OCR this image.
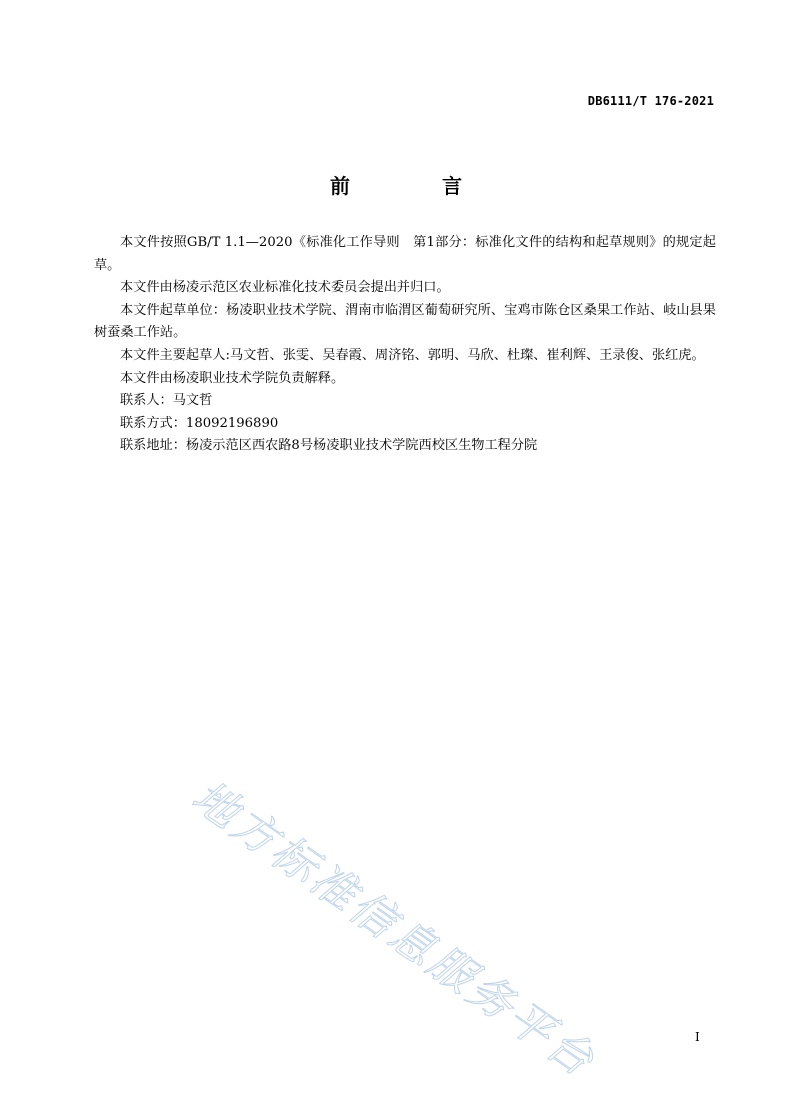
DB6111/T 176-2021
前　言

本文件按照GB/T 1.1—2020《标准化工作导则　第1部分：标准化文件的结构和起草规则》的规定起草。

本文件由杨凌示范区农业标准化技术委员会提出并归口。

本文件起草单位：杨凌职业技术学院、渭南市临渭区葡萄研究所、宝鸡市陈仓区桑果工作站、岐山县果树蚕桑工作站。

本文件主要起草人:马文哲、张雯、吴春霞、周济铭、郭明、马欣、杜璨、崔利辉、王录俊、张红虎。

本文件由杨凌职业技术学院负责解释。

联系人：马文哲

联系方式：18092196890

联系地址：杨凌示范区西农路8号杨凌职业技术学院西校区生物工程分院

地方标准信息服务平台	I
